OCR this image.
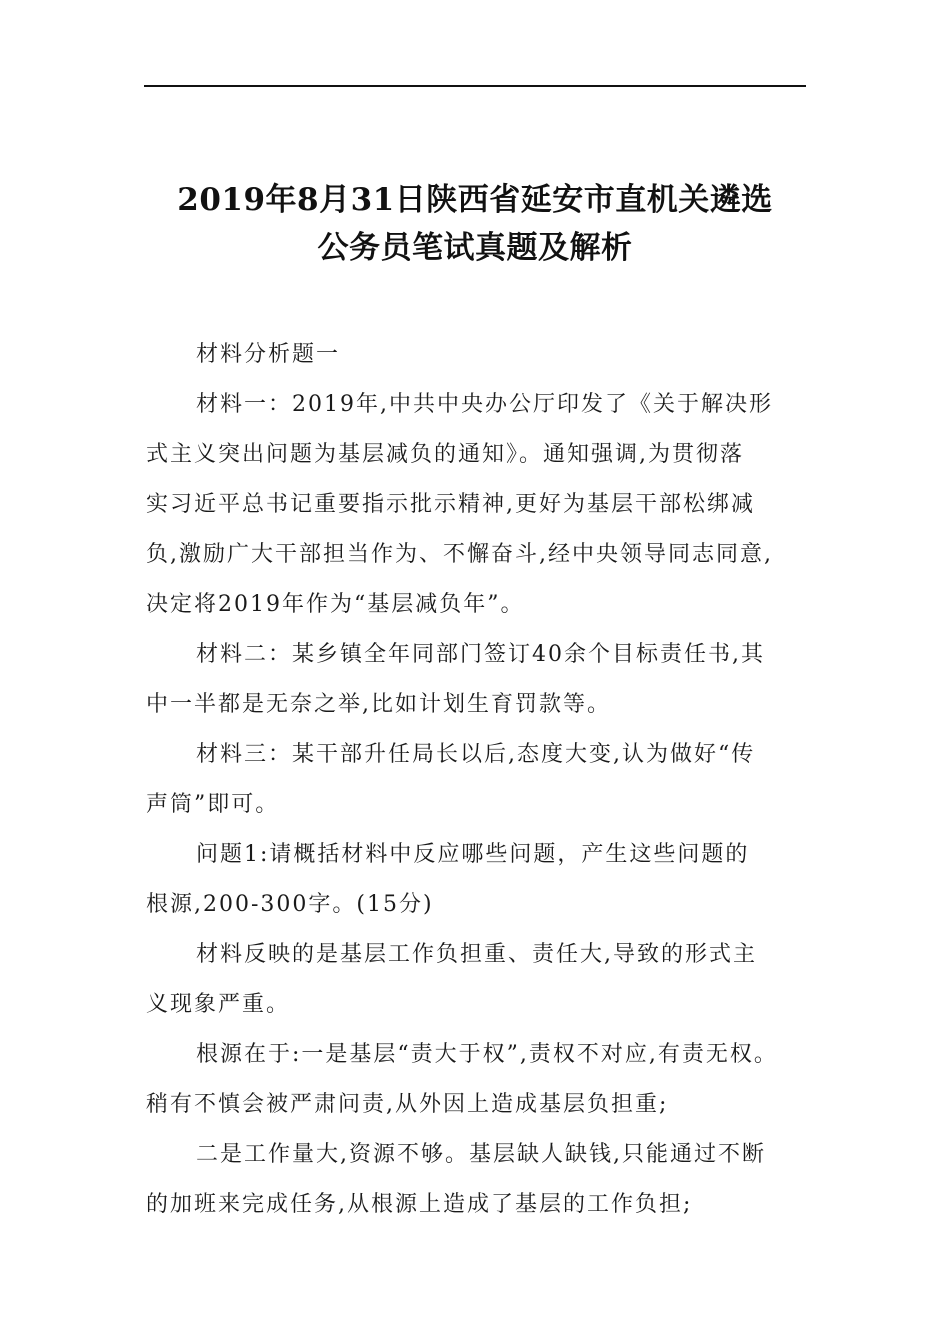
2019年8月31日陕西省延安市直机关遴选
公务员笔试真题及解析

材料分析题一

材料一：2019年,中共中央办公厅印发了《关于解决形
式主义突出问题为基层减负的通知》。通知强调,为贯彻落
实习近平总书记重要指示批示精神,更好为基层干部松绑减
负,激励广大干部担当作为、不懈奋斗,经中央领导同志同意,
决定将2019年作为“基层减负年”。

材料二：某乡镇全年同部门签订40余个目标责任书,其
中一半都是无奈之举,比如计划生育罚款等。

材料三：某干部升任局长以后,态度大变,认为做好“传
声筒”即可。

问题1:请概括材料中反应哪些问题，产生这些问题的
根源,200-300字。(15分)

材料反映的是基层工作负担重、责任大,导致的形式主
义现象严重。

根源在于:一是基层“责大于权”,责权不对应,有责无权。
稍有不慎会被严肃问责,从外因上造成基层负担重;

二是工作量大,资源不够。基层缺人缺钱,只能通过不断
的加班来完成任务,从根源上造成了基层的工作负担;
